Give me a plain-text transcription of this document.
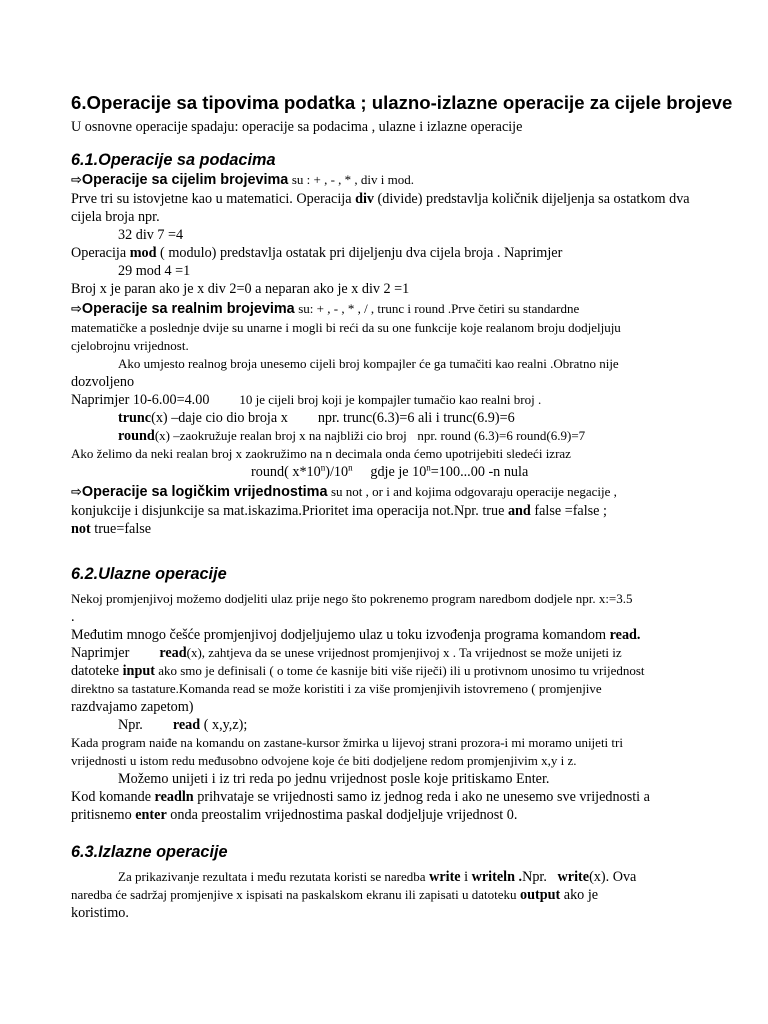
6.Operacije sa tipovima podatka ; ulazno-izlazne operacije za cijele brojeve

U osnovne operacije spadaju: operacije sa podacima , ulazne i izlazne operacije

6.1.Operacije sa podacima

⇨Operacije sa cijelim brojevima su : + , - , * , div i mod.

Prve tri su istovjetne kao u matematici. Operacija div (divide) predstavlja količnik dijeljenja sa ostatkom dva

cijela broja npr.

32 div 7 =4

Operacija mod ( modulo) predstavlja ostatak pri dijeljenju dva cijela broja . Naprimjer

29 mod 4 =1

Broj x je paran ako je x div 2=0 a neparan ako je x div 2 =1

⇨Operacije sa realnim brojevima su: + , - , * , / , trunc i round .Prve četiri su standardne

matematičke a poslednje dvije su unarne i mogli bi reći da su one funkcije koje realanom broju dodjeljuju

cjelobrojnu vrijednost.

Ako umjesto realnog broja unesemo cijeli broj kompajler će ga tumačiti kao realni .Obratno nije

dozvoljeno

Naprimjer 10-6.00=4.00 10 je cijeli broj koji je kompajler tumačio kao realni broj .

trunc(x) –daje cio dio broja x npr. trunc(6.3)=6 ali i trunc(6.9)=6

round(x) –zaokružuje realan broj x na najbliži cio broj npr. round (6.3)=6 round(6.9)=7

Ako želimo da neki realan broj x zaokružimo na n decimala onda ćemo upotrijebiti sledeći izraz

round( x*10$^n$)/10$^n$     gdje je $10^n=100...00$ -n nula

⇨Operacije sa logičkim vrijednostima su not , or i and kojima odgovaraju operacije negacije ,

konjukcije i disjunkcije sa mat.iskazima.Prioritet ima operacija not.Npr. true and false =false ;

not true=false

6.2.Ulazne operacije

Nekoj promjenjivoj možemo dodjeliti ulaz prije nego što pokrenemo program naredbom dodjele npr. x:=3.5

.

Međutim mnogo češće promjenjivoj dodjeljujemo ulaz u toku izvođenja programa komandom read.

Naprimjer read(x), zahtjeva da se unese vrijednost promjenjivoj x . Ta vrijednost se može unijeti iz

datoteke input ako smo je definisali ( o tome će kasnije biti više riječi) ili u protivnom unosimo tu vrijednost

direktno sa tastature.Komanda read se može koristiti i za više promjenjivih istovremeno ( promjenjive

razdvajamo zapetom)

Npr. read ( x,y,z);

Kada program naiđe na komandu on zastane-kursor žmirka u lijevoj strani prozora-i mi moramo unijeti tri

vrijednosti u istom redu međusobno odvojene koje će biti dodjeljene redom promjenjivim x,y i z.

Možemo unijeti i iz tri reda po jednu vrijednost posle koje pritiskamo Enter.

Kod komande readln prihvataje se vrijednosti samo iz jednog reda i ako ne unesemo sve vrijednosti a

pritisnemo enter onda preostalim vrijednostima paskal dodjeljuje vrijednost 0.

6.3.Izlazne operacije

Za prikazivanje rezultata i među rezutata koristi se naredba write i writeln .Npr. write(x). Ova

naredba će sadržaj promjenjive x ispisati na paskalskom ekranu ili zapisati u datoteku output ako je

koristimo.
